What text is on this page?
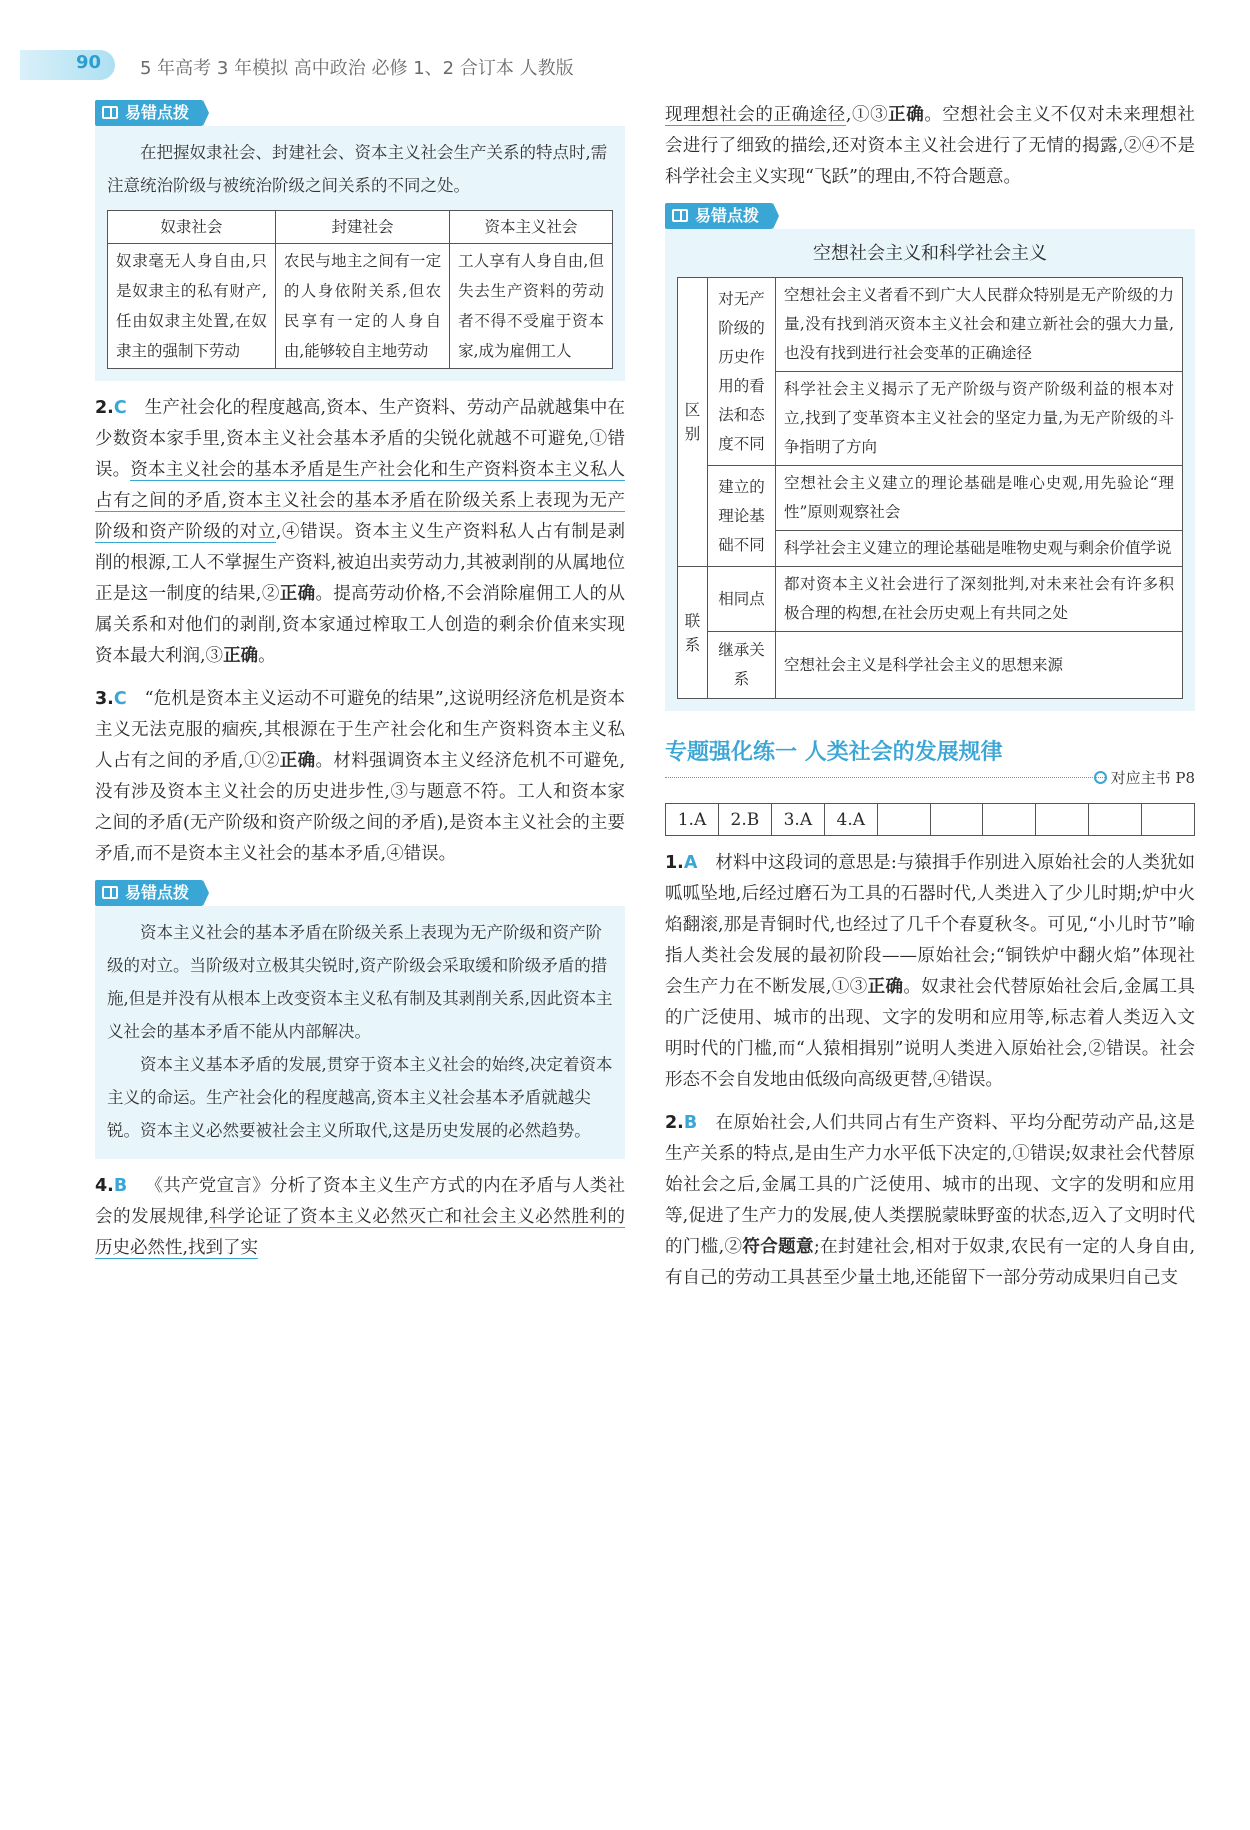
90 5 年高考 3 年模拟 高中政治 必修 1、2 合订本 人教版
易错点拨

在把握奴隶社会、封建社会、资本主义社会生产关系的特点时,需注意统治阶级与被统治阶级之间关系的不同之处。

奴隶社会	封建社会	资本主义社会
奴隶毫无人身自由,只是奴隶主的私有财产,任由奴隶主处置,在奴隶主的强制下劳动	农民与地主之间有一定的人身依附关系,但农民享有一定的人身自由,能够较自主地劳动	工人享有人身自由,但失去生产资料的劳动者不得不受雇于资本家,成为雇佣工人

2.C 生产社会化的程度越高,资本、生产资料、劳动产品就越集中在少数资本家手里,资本主义社会基本矛盾的尖锐化就越不可避免,①错误。资本主义社会的基本矛盾是生产社会化和生产资料资本主义私人占有之间的矛盾,资本主义社会的基本矛盾在阶级关系上表现为无产阶级和资产阶级的对立,④错误。资本主义生产资料私人占有制是剥削的根源,工人不掌握生产资料,被迫出卖劳动力,其被剥削的从属地位正是这一制度的结果,②正确。提高劳动价格,不会消除雇佣工人的从属关系和对他们的剥削,资本家通过榨取工人创造的剩余价值来实现资本最大利润,③正确。

3.C “危机是资本主义运动不可避免的结果”,这说明经济危机是资本主义无法克服的痼疾,其根源在于生产社会化和生产资料资本主义私人占有之间的矛盾,①②正确。材料强调资本主义经济危机不可避免,没有涉及资本主义社会的历史进步性,③与题意不符。工人和资本家之间的矛盾(无产阶级和资产阶级之间的矛盾),是资本主义社会的主要矛盾,而不是资本主义社会的基本矛盾,④错误。

易错点拨

资本主义社会的基本矛盾在阶级关系上表现为无产阶级和资产阶级的对立。当阶级对立极其尖锐时,资产阶级会采取缓和阶级矛盾的措施,但是并没有从根本上改变资本主义私有制及其剥削关系,因此资本主义社会的基本矛盾不能从内部解决。

资本主义基本矛盾的发展,贯穿于资本主义社会的始终,决定着资本主义的命运。生产社会化的程度越高,资本主义社会基本矛盾就越尖锐。资本主义必然要被社会主义所取代,这是历史发展的必然趋势。

4.B 《共产党宣言》分析了资本主义生产方式的内在矛盾与人类社会的发展规律,科学论证了资本主义必然灭亡和社会主义必然胜利的历史必然性,找到了实

现理想社会的正确途径,①③正确。空想社会主义不仅对未来理想社会进行了细致的描绘,还对资本主义社会进行了无情的揭露,②④不是科学社会主义实现“飞跃”的理由,不符合题意。

易错点拨
空想社会主义和科学社会主义
区别	对无产阶级的历史作用的看法和态度不同	空想社会主义者看不到广大人民群众特别是无产阶级的力量,没有找到消灭资本主义社会和建立新社会的强大力量,也没有找到进行社会变革的正确途径
		科学社会主义揭示了无产阶级与资产阶级利益的根本对立,找到了变革资本主义社会的坚定力量,为无产阶级的斗争指明了方向
	建立的理论基础不同	空想社会主义建立的理论基础是唯心史观,用先验论“理性”原则观察社会
		科学社会主义建立的理论基础是唯物史观与剩余价值学说
联系	相同点	都对资本主义社会进行了深刻批判,对未来社会有许多积极合理的构想,在社会历史观上有共同之处
	继承关系	空想社会主义是科学社会主义的思想来源
专题强化练一 人类社会的发展规律
对应主书 P8
1.A	2.B	3.A	4.A						

1.A 材料中这段词的意思是:与猿揖手作别进入原始社会的人类犹如呱呱坠地,后经过磨石为工具的石器时代,人类进入了少儿时期;炉中火焰翻滚,那是青铜时代,也经过了几千个春夏秋冬。可见,“小儿时节”喻指人类社会发展的最初阶段——原始社会;“铜铁炉中翻火焰”体现社会生产力在不断发展,①③正确。奴隶社会代替原始社会后,金属工具的广泛使用、城市的出现、文字的发明和应用等,标志着人类迈入文明时代的门槛,而“人猿相揖别”说明人类进入原始社会,②错误。社会形态不会自发地由低级向高级更替,④错误。

2.B 在原始社会,人们共同占有生产资料、平均分配劳动产品,这是生产关系的特点,是由生产力水平低下决定的,①错误;奴隶社会代替原始社会之后,金属工具的广泛使用、城市的出现、文字的发明和应用等,促进了生产力的发展,使人类摆脱蒙昧野蛮的状态,迈入了文明时代的门槛,②符合题意;在封建社会,相对于奴隶,农民有一定的人身自由,有自己的劳动工具甚至少量土地,还能留下一部分劳动成果归自己支
